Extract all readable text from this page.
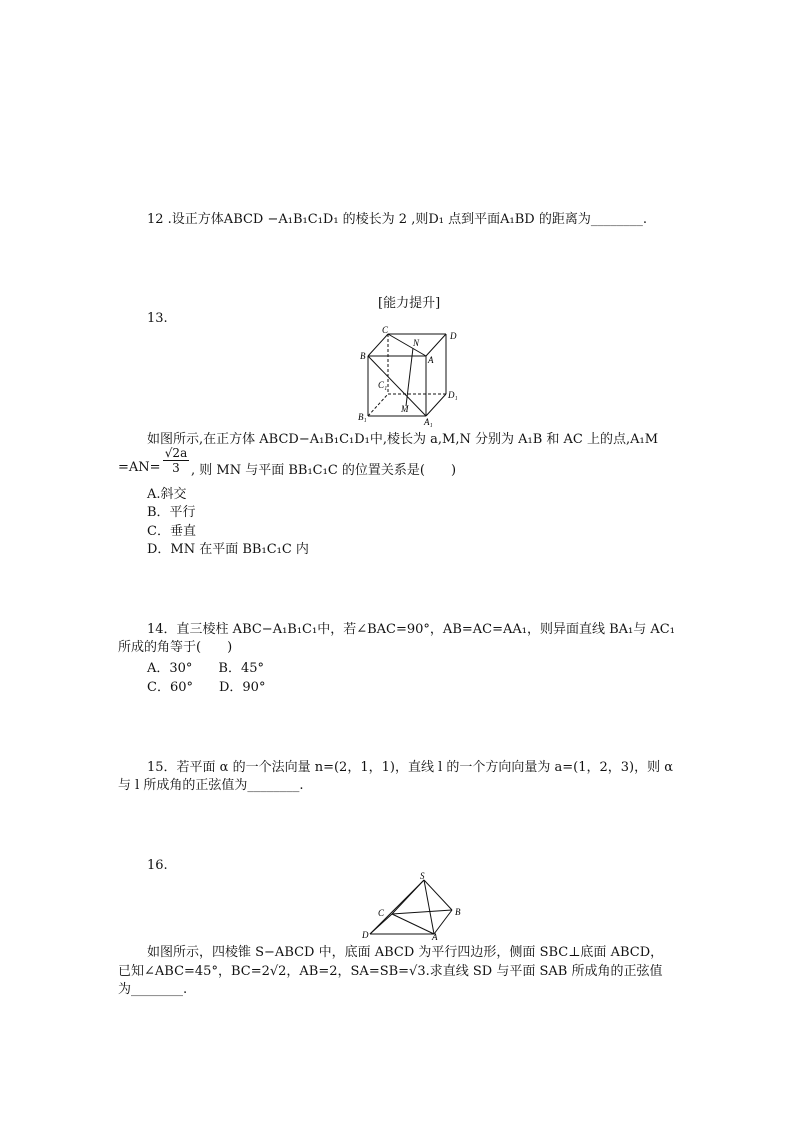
12 .设正方体ABCD −A₁B₁C₁D₁ 的棱长为 2 ,则D₁ 点到平面A₁BD 的距离为________.
[能力提升]
13.
C
D
N
B	A
C₁
D₁
B₁
M
A₁
如图所示,在正方体 ABCD−A₁B₁C₁D₁中,棱长为 a,M,N 分别为 A₁B 和 AC 上的点,A₁M
$=AN= \frac{√2a}{3}$ , 则 MN 与平面 BB₁C₁C 的位置关系是(　　)
A.斜交
B．平行
C．垂直
D．MN 在平面 BB₁C₁C 内
14．直三棱柱 ABC−A₁B₁C₁中，若∠BAC=90°，AB=AC=AA₁，则异面直线 BA₁与 AC₁
所成的角等于(　　)
A．30°　　B．45°
C．60°　　D．90°
15．若平面 α 的一个法向量 n=(2，1，1)，直线 l 的一个方向向量为 a=(1，2，3)，则 α
与 l 所成角的正弦值为________.
16.
S
C	B
D	A
如图所示，四棱锥 S−ABCD 中，底面 ABCD 为平行四边形，侧面 SBC⊥底面 ABCD，
已知∠ABC=45°，BC=2√2，AB=2，SA=SB=√3.求直线 SD 与平面 SAB 所成角的正弦值
为________.
